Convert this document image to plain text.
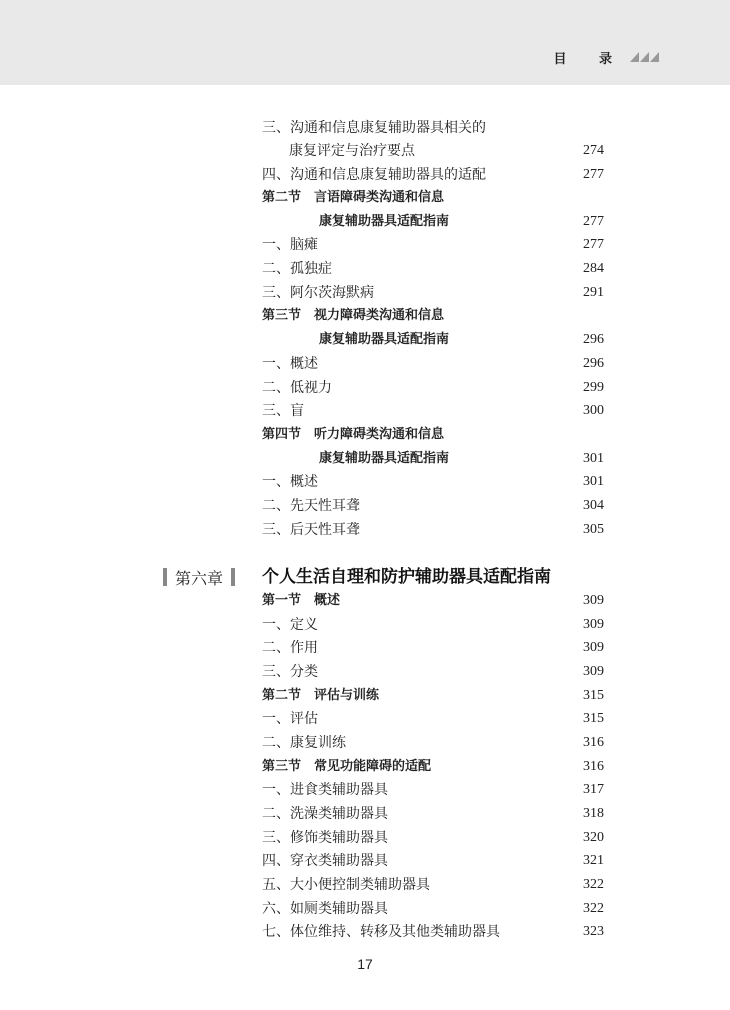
目 录
三、沟通和信息康复辅助器具相关的
康复评定与治疗要点	274
四、沟通和信息康复辅助器具的适配	277
第二节　言语障碍类沟通和信息
康复辅助器具适配指南	277
一、脑瘫	277
二、孤独症	284
三、阿尔茨海默病	291
第三节　视力障碍类沟通和信息
康复辅助器具适配指南	296
一、概述	296
二、低视力	299
三、盲	300
第四节　听力障碍类沟通和信息
康复辅助器具适配指南	301
一、概述	301
二、先天性耳聋	304
三、后天性耳聋	305
第一节　概述	309
一、定义	309
二、作用	309
三、分类	309
第二节　评估与训练	315
一、评估	315
二、康复训练	316
第三节　常见功能障碍的适配	316
一、进食类辅助器具	317
二、洗澡类辅助器具	318
三、修饰类辅助器具	320
四、穿衣类辅助器具	321
五、大小便控制类辅助器具	322
六、如厕类辅助器具	322
七、体位维持、转移及其他类辅助器具	323
第六章 个人生活自理和防护辅助器具适配指南
17
